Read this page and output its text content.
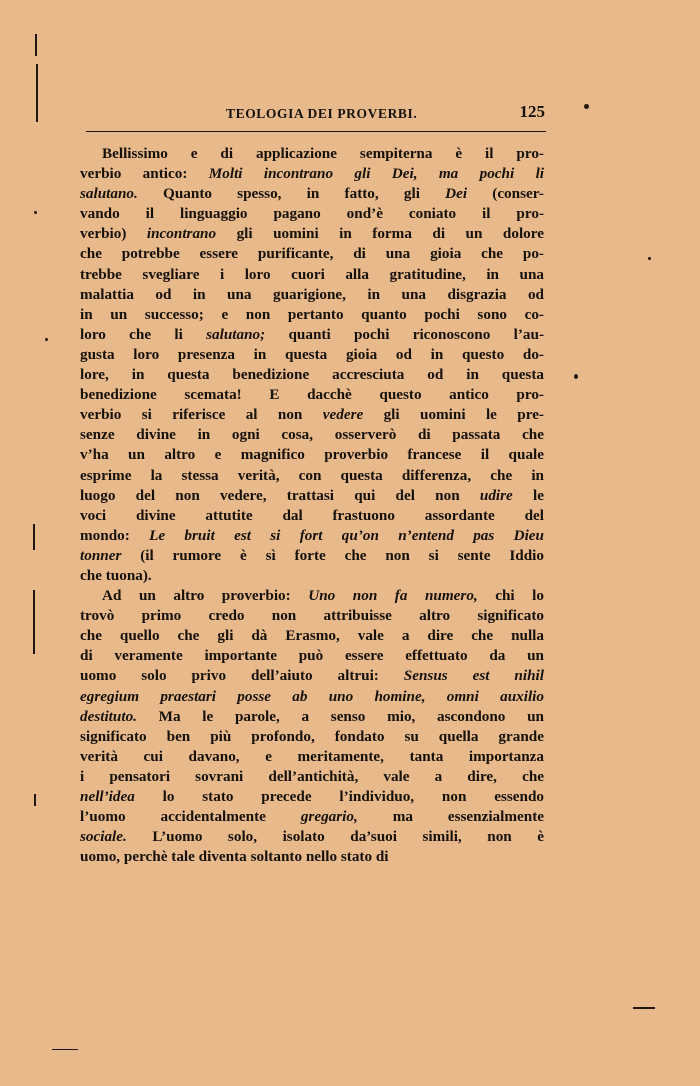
TEOLOGIA DEI PROVERBI.	125
Bellissimo e di applicazione sempiterna è il pro-
verbio antico: Molti incontrano gli Dei, ma pochi li
salutano. Quanto spesso, in fatto, gli Dei (conser-
vando il linguaggio pagano ond’è coniato il pro-
verbio) incontrano gli uomini in forma di un dolore
che potrebbe essere purificante, di una gioia che po-
trebbe svegliare i loro cuori alla gratitudine, in una
malattia od in una guarigione, in una disgrazia od
in un successo; e non pertanto quanto pochi sono co-
loro che li salutano; quanti pochi riconoscono l’au-
gusta loro presenza in questa gioia od in questo do-
lore, in questa benedizione accresciuta od in questa
benedizione scemata! E dacchè questo antico pro-
verbio si riferisce al non vedere gli uomini le pre-
senze divine in ogni cosa, osserverò di passata che
v’ha un altro e magnifico proverbio francese il quale
esprime la stessa verità, con questa differenza, che in
luogo del non vedere, trattasi qui del non udire le
voci divine attutite dal frastuono assordante del
mondo: Le bruit est si fort qu’on n’entend pas Dieu
tonner (il rumore è sì forte che non si sente Iddio
che tuona).
Ad un altro proverbio: Uno non fa numero, chi lo
trovò primo credo non attribuisse altro significato
che quello che gli dà Erasmo, vale a dire che nulla
di veramente importante può essere effettuato da un
uomo solo privo dell’aiuto altrui: Sensus est nihil
egregium praestari posse ab uno homine, omni auxilio
destituto. Ma le parole, a senso mio, ascondono un
significato ben più profondo, fondato su quella grande
verità cui davano, e meritamente, tanta importanza
i pensatori sovrani dell’antichità, vale a dire, che
nell’idea lo stato precede l’individuo, non essendo
l’uomo accidentalmente gregario, ma essenzialmente
sociale. L’uomo solo, isolato da’suoi simili, non è
uomo, perchè tale diventa soltanto nello stato di
